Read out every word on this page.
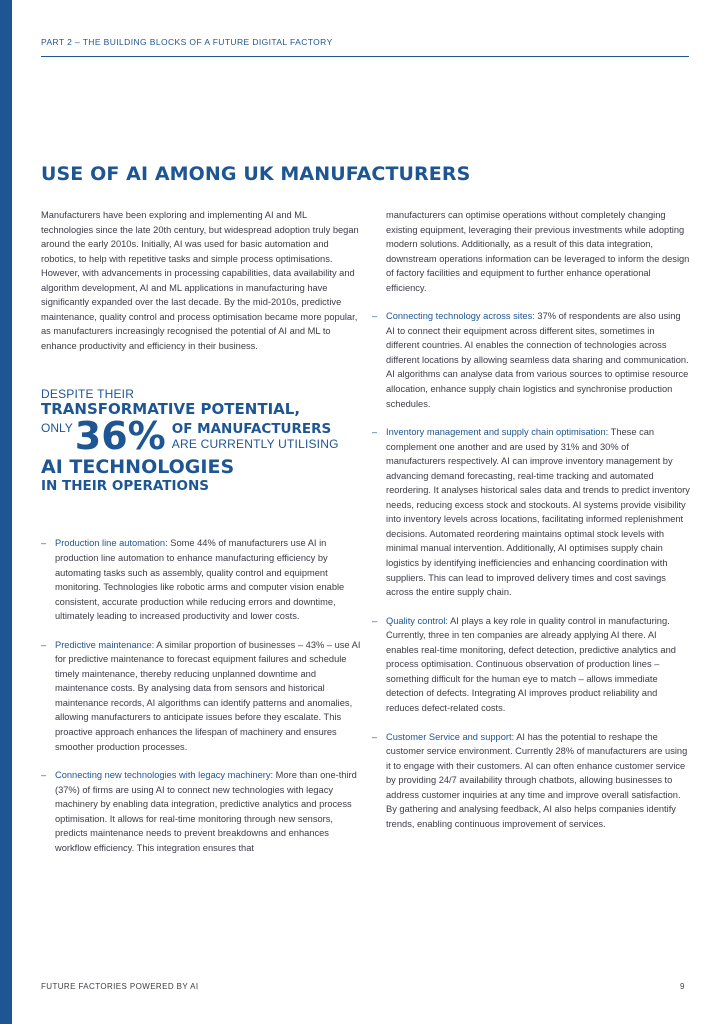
PART 2 – THE BUILDING BLOCKS OF A FUTURE DIGITAL FACTORY
USE OF AI AMONG UK MANUFACTURERS

Manufacturers have been exploring and implementing AI and ML technologies since the late 20th century, but widespread adoption truly began around the early 2010s. Initially, AI was used for basic automation and robotics, to help with repetitive tasks and simple process optimisations. However, with advancements in processing capabilities, data availability and algorithm development, AI and ML applications in manufacturing have significantly expanded over the last decade. By the mid-2010s, predictive maintenance, quality control and process optimisation became more popular, as manufacturers increasingly recognised the potential of AI and ML to enhance productivity and efficiency in their business.

DESPITE THEIR
TRANSFORMATIVE POTENTIAL,
ONLY 36% OF MANUFACTURERS
ARE CURRENTLY UTILISING
AI TECHNOLOGIES
IN THEIR OPERATIONS
– Production line automation: Some 44% of manufacturers use AI in production line automation to enhance manufacturing efficiency by automating tasks such as assembly, quality control and equipment monitoring. Technologies like robotic arms and computer vision enable consistent, accurate production while reducing errors and downtime, ultimately leading to increased productivity and lower costs.
– Predictive maintenance: A similar proportion of businesses – 43% – use AI for predictive maintenance to forecast equipment failures and schedule timely maintenance, thereby reducing unplanned downtime and maintenance costs. By analysing data from sensors and historical maintenance records, AI algorithms can identify patterns and anomalies, allowing manufacturers to anticipate issues before they escalate. This proactive approach enhances the lifespan of machinery and ensures smoother production processes.
– Connecting new technologies with legacy machinery: More than one-third (37%) of firms are using AI to connect new technologies with legacy machinery by enabling data integration, predictive analytics and process optimisation. It allows for real-time monitoring through new sensors, predicts maintenance needs to prevent breakdowns and enhances workflow efficiency. This integration ensures that

manufacturers can optimise operations without completely changing existing equipment, leveraging their previous investments while adopting modern solutions. Additionally, as a result of this data integration, downstream operations information can be leveraged to inform the design of factory facilities and equipment to further enhance operational efficiency.

– Connecting technology across sites: 37% of respondents are also using AI to connect their equipment across different sites, sometimes in different countries. AI enables the connection of technologies across different locations by allowing seamless data sharing and communication. AI algorithms can analyse data from various sources to optimise resource allocation, enhance supply chain logistics and synchronise production schedules.
– Inventory management and supply chain optimisation: These can complement one another and are used by 31% and 30% of manufacturers respectively. AI can improve inventory management by advancing demand forecasting, real-time tracking and automated reordering. It analyses historical sales data and trends to predict inventory needs, reducing excess stock and stockouts. AI systems provide visibility into inventory levels across locations, facilitating informed replenishment decisions. Automated reordering maintains optimal stock levels with minimal manual intervention. Additionally, AI optimises supply chain logistics by identifying inefficiencies and enhancing coordination with suppliers. This can lead to improved delivery times and cost savings across the entire supply chain.
– Quality control: AI plays a key role in quality control in manufacturing. Currently, three in ten companies are already applying AI there. AI enables real-time monitoring, defect detection, predictive analytics and process optimisation. Continuous observation of production lines – something difficult for the human eye to match – allows immediate detection of defects. Integrating AI improves product reliability and reduces defect-related costs.
– Customer Service and support: AI has the potential to reshape the customer service environment. Currently 28% of manufacturers are using it to engage with their customers. AI can often enhance customer service by providing 24/7 availability through chatbots, allowing businesses to address customer inquiries at any time and improve overall satisfaction. By gathering and analysing feedback, AI also helps companies identify trends, enabling continuous improvement of services.
FUTURE FACTORIES POWERED BY AI	9
